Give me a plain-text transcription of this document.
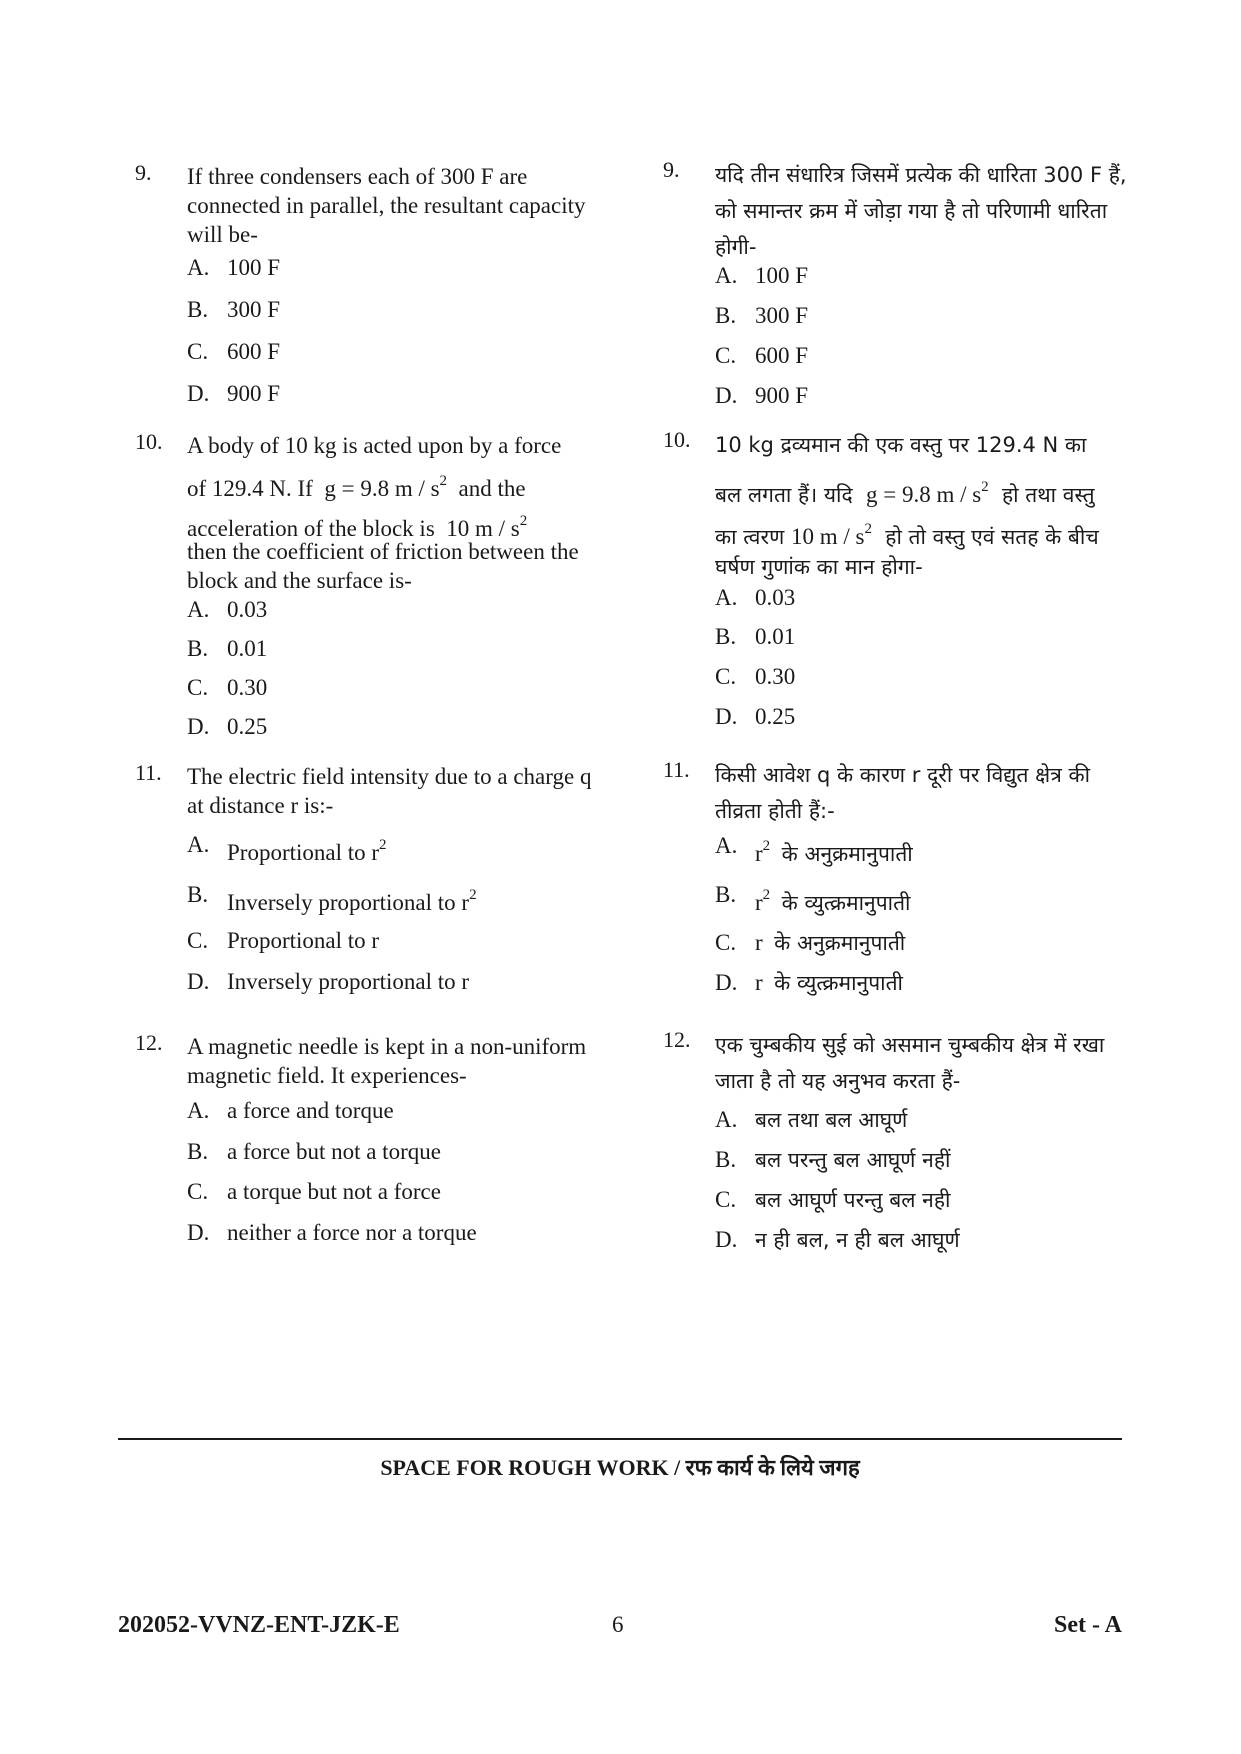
9. If three condensers each of 300 F are connected in parallel, the resultant capacity will be-
A. 100 F
B. 300 F
C. 600 F
D. 900 F
10. A body of 10 kg is acted upon by a force
of 129.4 N. If g = 9.8 m / $s^2$ and the
acceleration of the block is 10 m / $s^2$
then the coefficient of friction between the block and the surface is-
A. 0.03
B. 0.01
C. 0.30
D. 0.25
11. The electric field intensity due to a charge q at distance r is:-
A. Proportional to $r^2$
B. Inversely proportional to $r^2$
C. Proportional to r
D. Inversely proportional to r
12. A magnetic needle is kept in a non-uniform magnetic field. It experiences-
A. a force and torque
B. a force but not a torque
C. a torque but not a force
D. neither a force nor a torque
9. यदि तीन संधारित्र जिसमें प्रत्येक की धारिता 300 F हैं, को समान्तर क्रम में जोड़ा गया है तो परिणामी धारिता होगी-
A. 100 F
B. 300 F
C. 600 F
D. 900 F
10. 10 kg द्रव्यमान की एक वस्तु पर 129.4 N का
बल लगता हैं। यदि g = 9.8 m / $s^2$ हो तथा वस्तु
का त्वरण 10 m / $s^2$ हो तो वस्तु एवं सतह के बीच
घर्षण गुणांक का मान होगा-
A. 0.03
B. 0.01
C. 0.30
D. 0.25
11. किसी आवेश q के कारण r दूरी पर विद्युत क्षेत्र की तीव्रता होती हैं:-
A. $r^2$ के अनुक्रमानुपाती
B. $r^2$ के व्युत्क्रमानुपाती
C. r के अनुक्रमानुपाती
D. r के व्युत्क्रमानुपाती
12. एक चुम्बकीय सुई को असमान चुम्बकीय क्षेत्र में रखा जाता है तो यह अनुभव करता हैं-
A. बल तथा बल आघूर्ण
B. बल परन्तु बल आघूर्ण नहीं
C. बल आघूर्ण परन्तु बल नही
D. न ही बल, न ही बल आघूर्ण
SPACE FOR ROUGH WORK / रफ कार्य के लिये जगह
202052-VVNZ-ENT-JZK-E	6	Set - A
